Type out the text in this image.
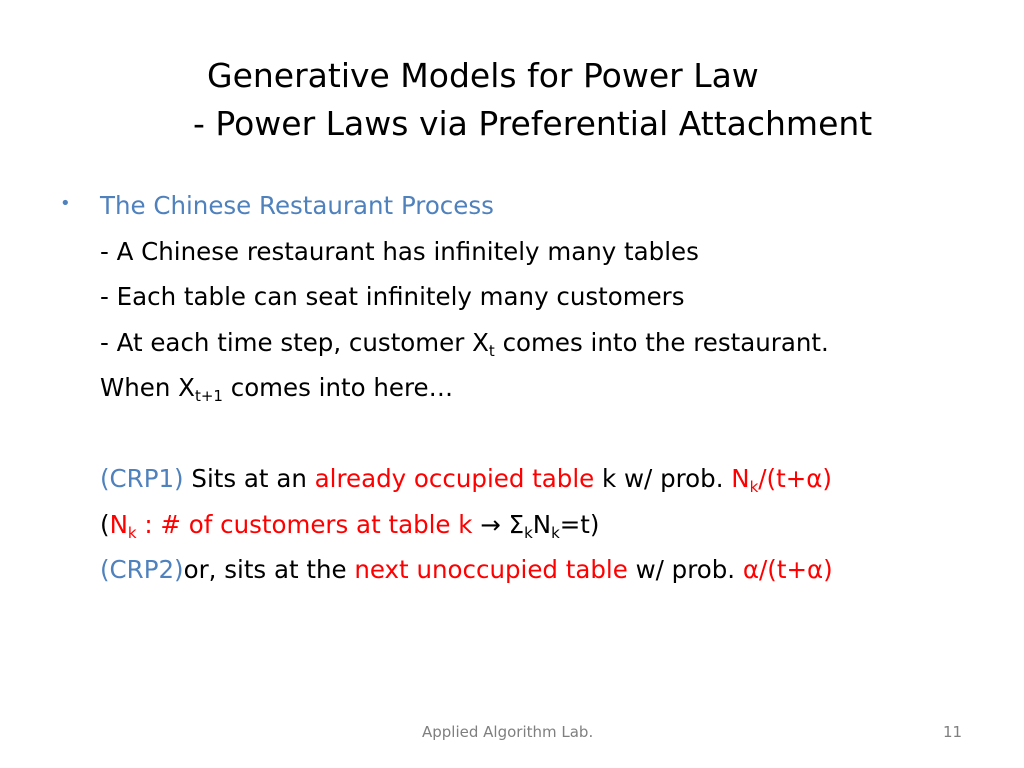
Generative Models for Power Law
- Power Laws via Preferential Attachment
• The Chinese Restaurant Process
- A Chinese restaurant has infinitely many tables
- Each table can seat infinitely many customers
- At each time step, customer $X_t$ comes into the restaurant.
When $X_{t+1}$ comes into here…
(CRP1) Sits at an already occupied table k w/ prob. $N_k/(t+\alpha)$
($N_k$ : # of customers at table $k \to \Sigma_kN_k=t$)
(CRP2)or, sits at the next unoccupied table w/ prob. α/(t+α)
Applied Algorithm Lab.	11
